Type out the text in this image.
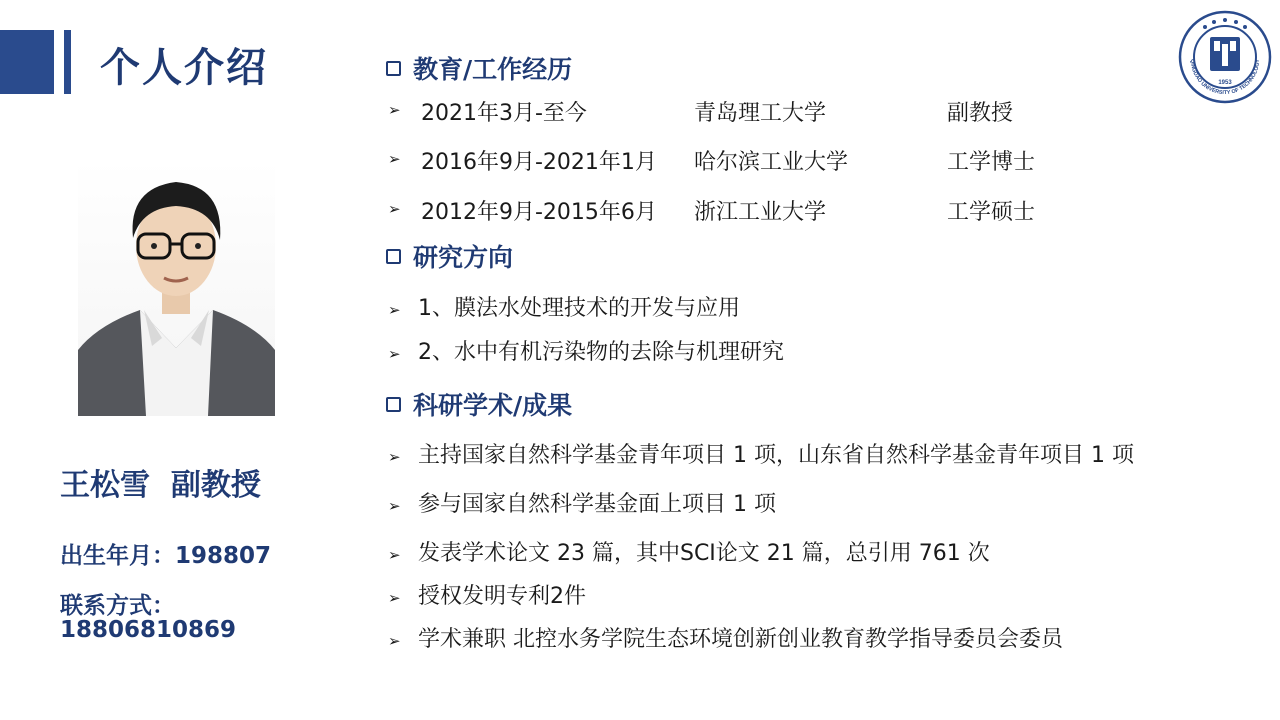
个人介绍	QINGDAO UNIVERSITY OF TECHNOLOGY
1953
王松雪  副教授
出生年月：198807
联系方式：
18806810869
教育/工作经历
➢ 2021年3月-至今	青岛理工大学	副教授
➢ 2016年9月-2021年1月 哈尔滨工业大学	工学博士
➢ 2012年9月-2015年6月 浙江工业大学	工学硕士
研究方向
➢ 1、膜法水处理技术的开发与应用
➢ 2、水中有机污染物的去除与机理研究
科研学术/成果
➢ 主持国家自然科学基金青年项目 1 项，山东省自然科学基金青年项目 1 项
➢ 参与国家自然科学基金面上项目 1 项
➢ 发表学术论文 23 篇，其中SCI论文 21 篇，总引用 761 次
➢ 授权发明专利2件
➢ 学术兼职 北控水务学院生态环境创新创业教育教学指导委员会委员
